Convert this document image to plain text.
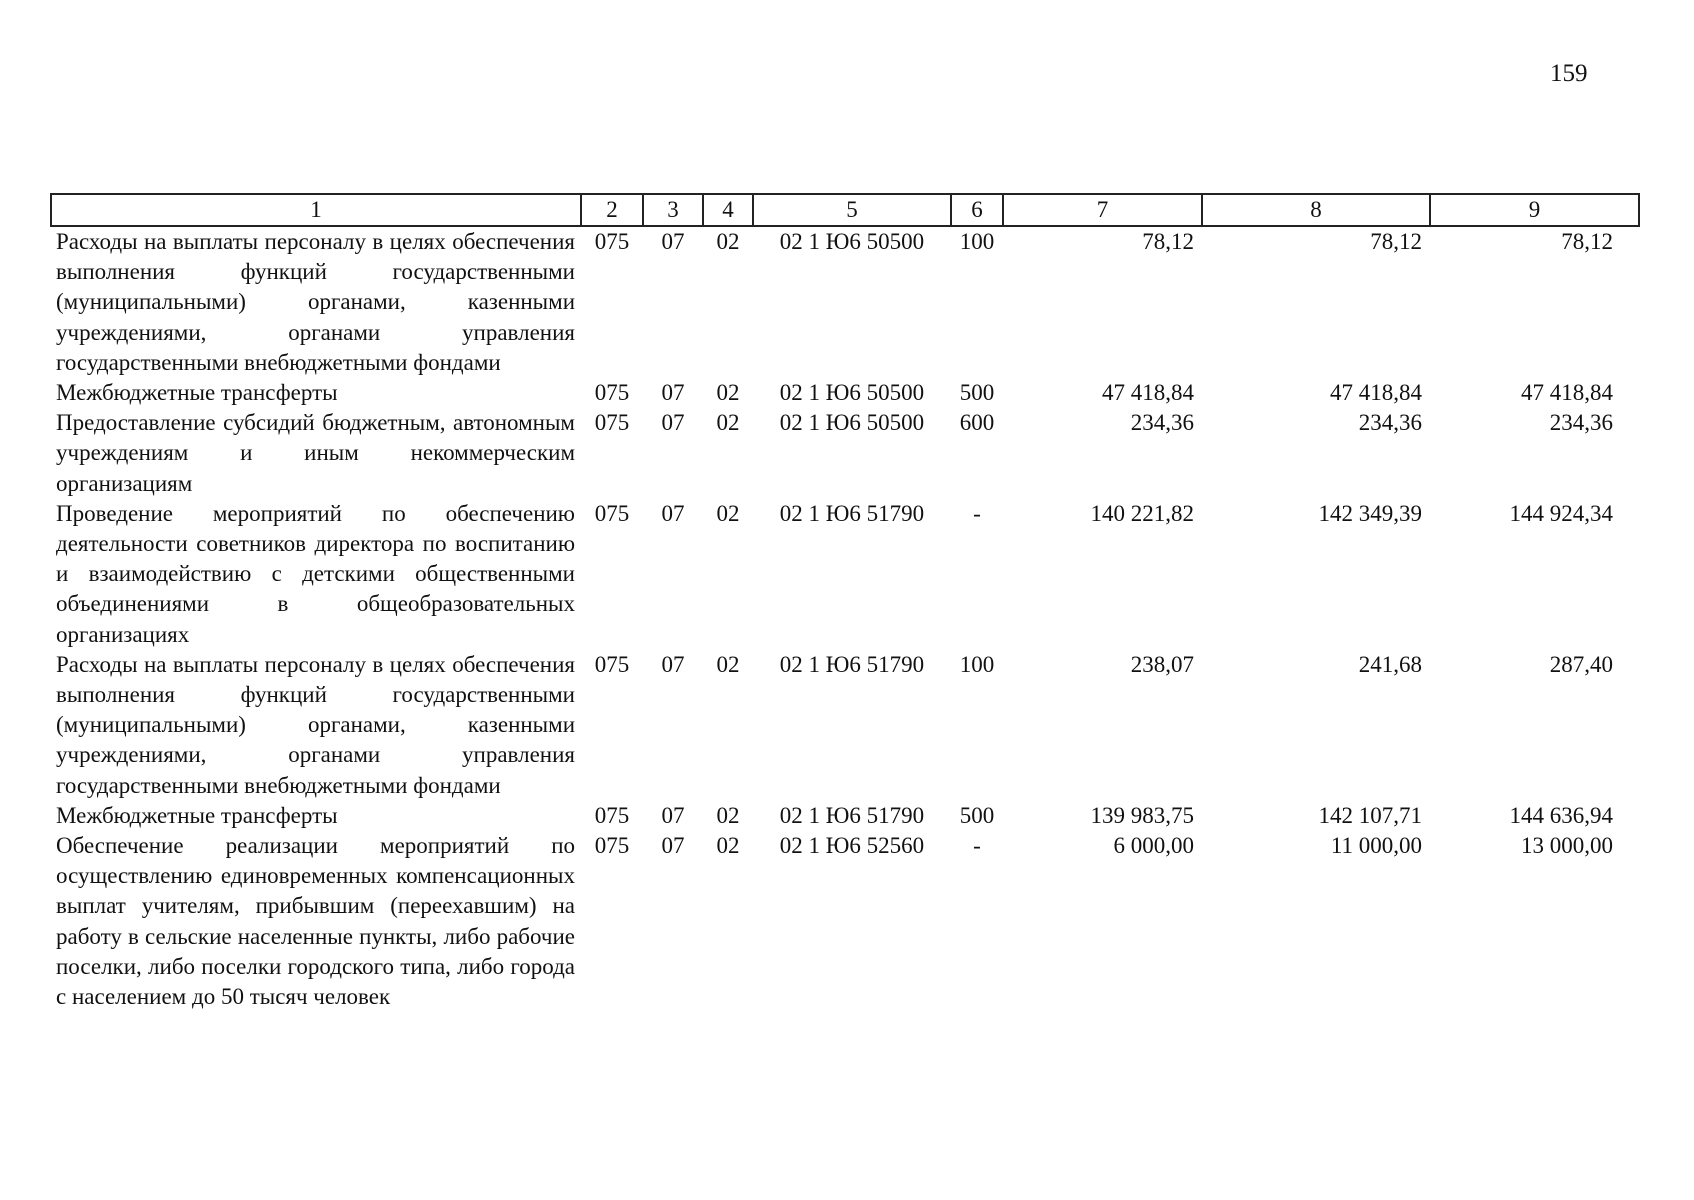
159
1	2	3	4	5	6	7	8	9
Расходы на выплаты персоналу в целях обеспечения выполнения функций государственными (муниципальными) органами, казенными учреждениями, органами управления государственными внебюджетными фондами	075	07	02	02 1 Ю6 50500	100	78,12	78,12	78,12
Межбюджетные трансферты	075	07	02	02 1 Ю6 50500	500	47 418,84	47 418,84	47 418,84
Предоставление субсидий бюджетным, автономным учреждениям и иным некоммерческим организациям	075	07	02	02 1 Ю6 50500	600	234,36	234,36	234,36
Проведение мероприятий по обеспечению деятельности советников директора по воспитанию и взаимодействию с детскими общественными объединениями в общеобразовательных организациях	075	07	02	02 1 Ю6 51790	-	140 221,82	142 349,39	144 924,34
Расходы на выплаты персоналу в целях обеспечения выполнения функций государственными (муниципальными) органами, казенными учреждениями, органами управления государственными внебюджетными фондами	075	07	02	02 1 Ю6 51790	100	238,07	241,68	287,40
Межбюджетные трансферты	075	07	02	02 1 Ю6 51790	500	139 983,75	142 107,71	144 636,94
Обеспечение реализации мероприятий по осуществлению единовременных компенсационных выплат учителям, прибывшим (переехавшим) на работу в сельские населенные пункты, либо рабочие поселки, либо поселки городского типа, либо города с населением до 50 тысяч человек	075	07	02	02 1 Ю6 52560	-	6 000,00	11 000,00	13 000,00
